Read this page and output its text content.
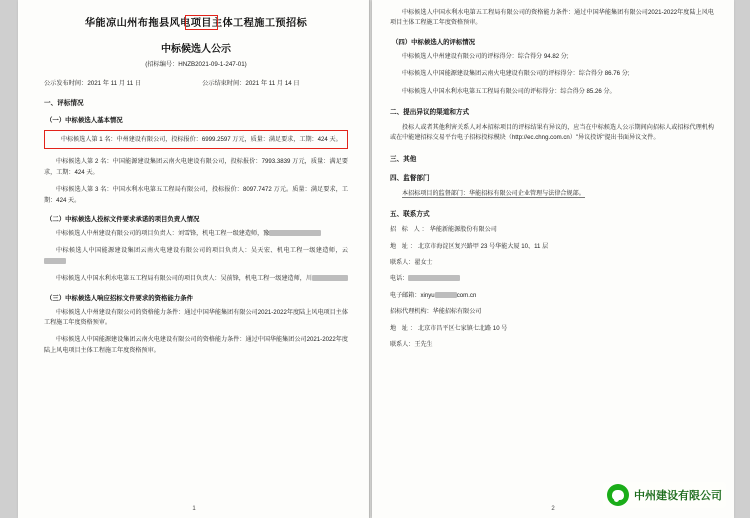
华能凉山州布拖县风电项目主体工程施工预招标
中标候选人公示
(招标编号：HNZB2021-09-1-247-01)
公示发布时间：2021 年 11 月 11 日	公示结束时间：2021 年 11 月 14 日
一、评标情况
（一）中标候选人基本情况

中标候选人第 1 名：中州建设有限公司，投标报价：6999.2597 万元，质量：满足要求，工期：424 天。

中标候选人第 2 名：中国能源建设集团云南火电建设有限公司，投标报价：7993.3839 万元，质量：满足要求，工期：424 天。

中标候选人第 3 名：中国水利水电第五工程局有限公司，投标报价：8097.7472 万元。质量：满足要求，工期：424 天。

（二）中标候选人投标文件要求承诺的项目负责人情况

中标候选人中州建设有限公司的项目负责人：刘雪锋，机电工程一级建造师，豫

中标候选人中国能源建设集团云南火电建设有限公司的项目负责人：吴天宏、机电工程一级建造师，云

中标候选人中国水利水电第五工程局有限公司的项目负责人：吴前锋，机电工程一级建造师，川

（三）中标候选人响应招标文件要求的资格能力条件

中标候选人中州建设有限公司的资格能力条件：通过中国华能集团有限公司2021-2022年度陆上风电项目主体工程施工年度资格预审。

中标候选人中国能源建设集团云南火电建设有限公司的资格能力条件：通过中国华能集团公司2021-2022年度陆上风电项目主体工程施工年度资格预审。

1

中标候选人中国水利水电第五工程局有限公司的资格能力条件：通过中国华能集团有限公司2021-2022年度陆上风电项目主体工程施工年度资格预审。

（四）中标候选人的评标情况

中标候选人中州建设有限公司的评标得分：综合得分 94.82 分;

中标候选人中国能源建设集团云南火电建设有限公司的评标得分：综合得分 86.76 分;

中标候选人中国水利水电第五工程局有限公司的评标得分：综合得分 85.26 分。

二、提出异议的渠道和方式

投标人或者其他利害关系人对本招标项目的评标结果有异议的，应当在中标候选人公示期间向招标人或招标代理机构或在中能建招标交易平台电子招标投标模块（http://ec.chng.com.cn）"异议投诉"提出书面异议文件。

三、其他
四、监督部门

本招标项目的监督部门：华能招标有限公司企业管理与法律合规部。

五、联系方式

招 标 人：华能新能源股份有限公司

地 址：北京市海淀区复兴路甲 23 号华能大厦 10、11 层

联系人：翟女士

电话：

电子邮箱：xinyu	com.cn

招标代理机构：华能招标有限公司

地 址：北京市昌平区七家镇七北路 10 号

联系人：王先生

2
中州建设有限公司
